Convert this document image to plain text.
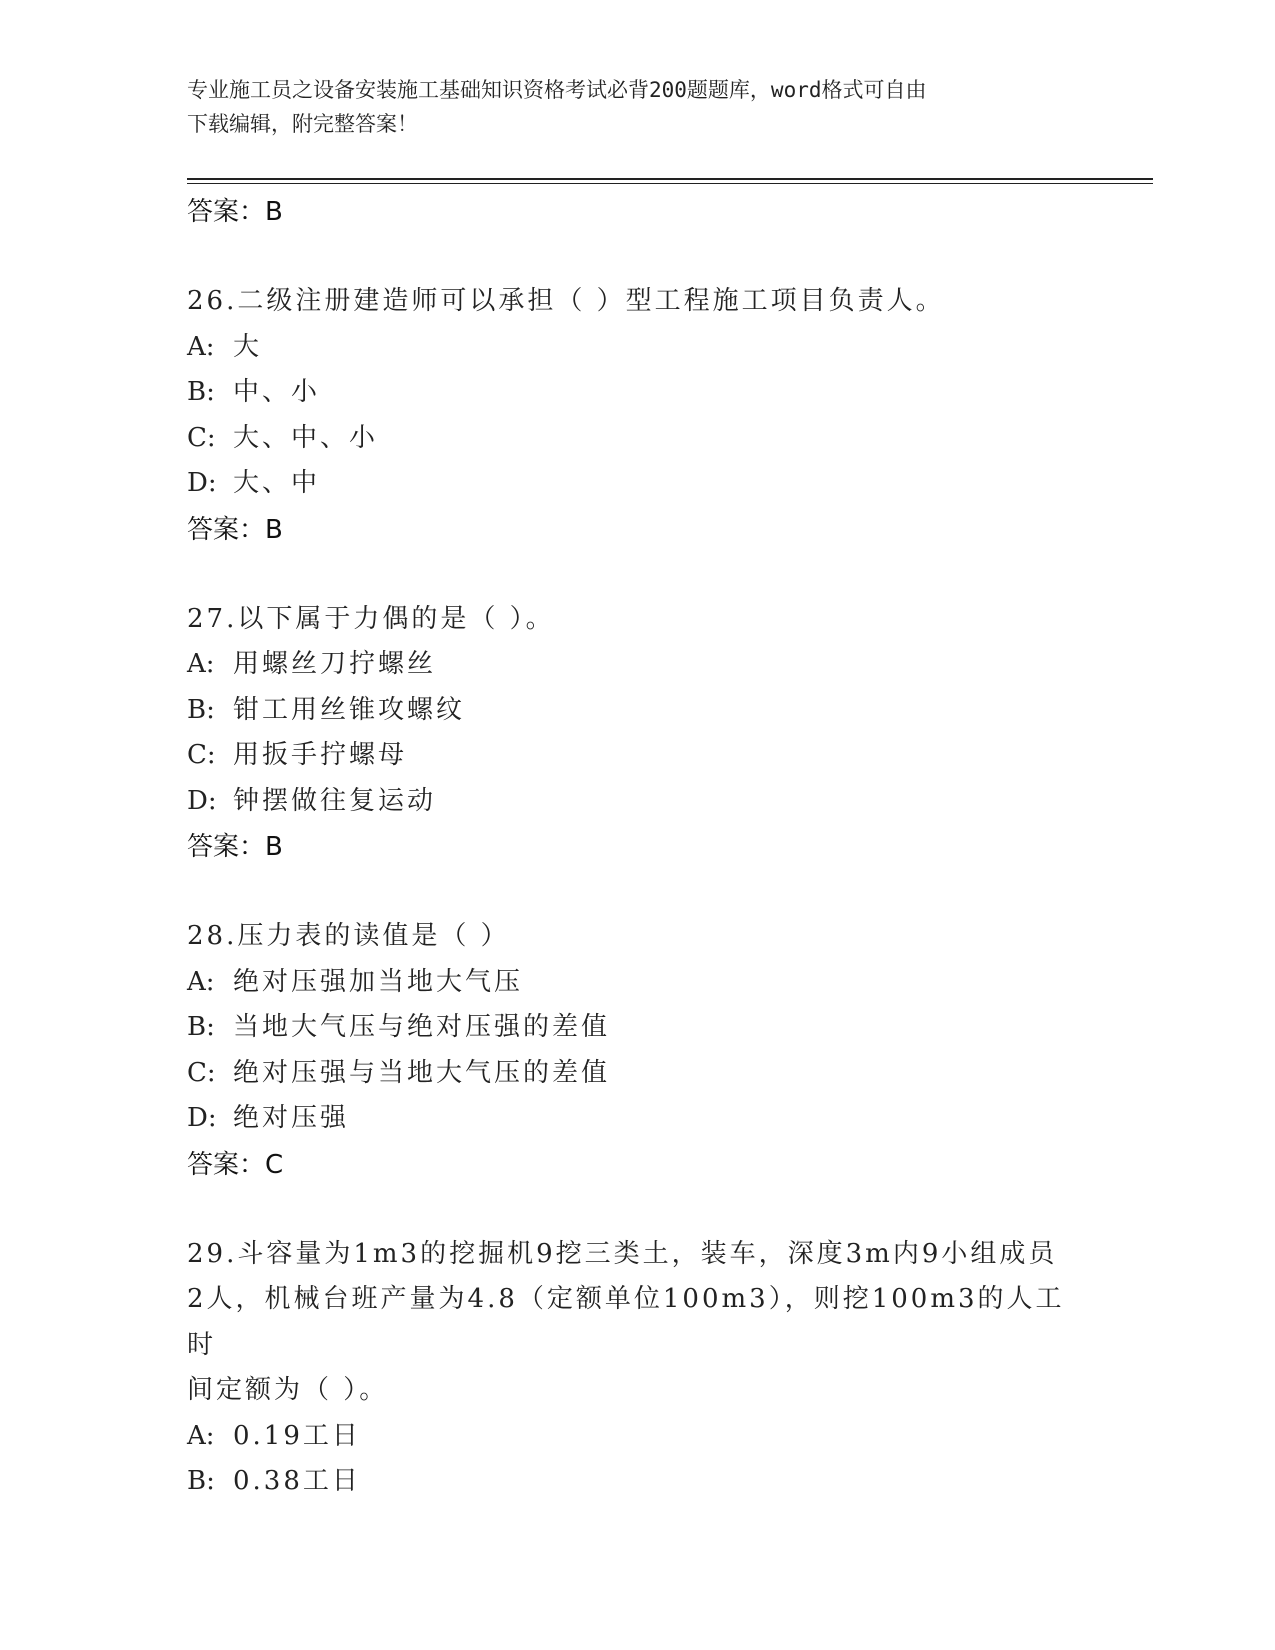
专业施工员之设备安装施工基础知识资格考试必背200题题库，word格式可自由
下载编辑，附完整答案！
答案：B
26.二级注册建造师可以承担（ ）型工程施工项目负责人。
A: 大
B: 中、小
C: 大、中、小
D: 大、中
答案：B
27.以下属于力偶的是（ ）。
A: 用螺丝刀拧螺丝
B: 钳工用丝锥攻螺纹
C: 用扳手拧螺母
D: 钟摆做往复运动
答案：B
28.压力表的读值是（ ）
A: 绝对压强加当地大气压
B: 当地大气压与绝对压强的差值
C: 绝对压强与当地大气压的差值
D: 绝对压强
答案：C
29.斗容量为1m3的挖掘机9挖三类土，装车，深度3m内9小组成员
2人，机械台班产量为4.8（定额单位100m3），则挖100m3的人工时
间定额为（ ）。
A: 0.19工日
B: 0.38工日
